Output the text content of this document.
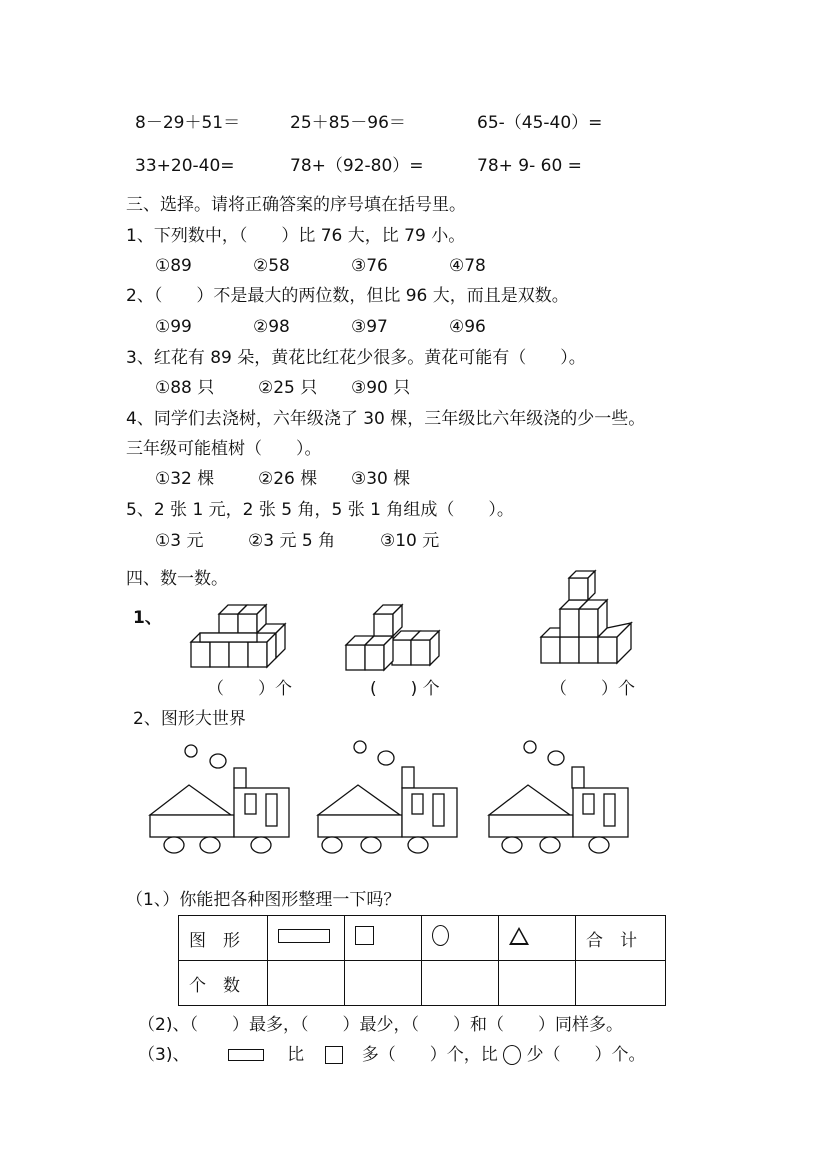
8－29＋51＝	25＋85－96＝	65-（45-40）=
33+20-40=	78+（92-80）=	78+ 9- 60 =
三、选择。请将正确答案的序号填在括号里。
1、下列数中，（　　）比 76 大，比 79 小。
①89	②58	③76	④78
2、（　　）不是最大的两位数，但比 96 大，而且是双数。
①99	②98	③97	④96
3、红花有 89 朵，黄花比红花少很多。黄花可能有（　　）。
①88 只	②25 只 ③90 只
4、同学们去浇树，六年级浇了 30 棵，三年级比六年级浇的少一些。
三年级可能植树（　　）。
①32 棵	②26 棵 ③30 棵
5、2 张 1 元，2 张 5 角，5 张 1 角组成（　　）。
①3 元	②3 元 5 角	③10 元
四、数一数。
1、
（　　）个	(　　) 个	（　　）个
2、图形大世界
（1、）你能把各种图形整理一下吗？
图　形					合　计
个　数					
（2)、（　　）最多，（　　）最少，（　　）和（　　）同样多。
（3)、	比	多（　　）个，比 少（　　）个。
